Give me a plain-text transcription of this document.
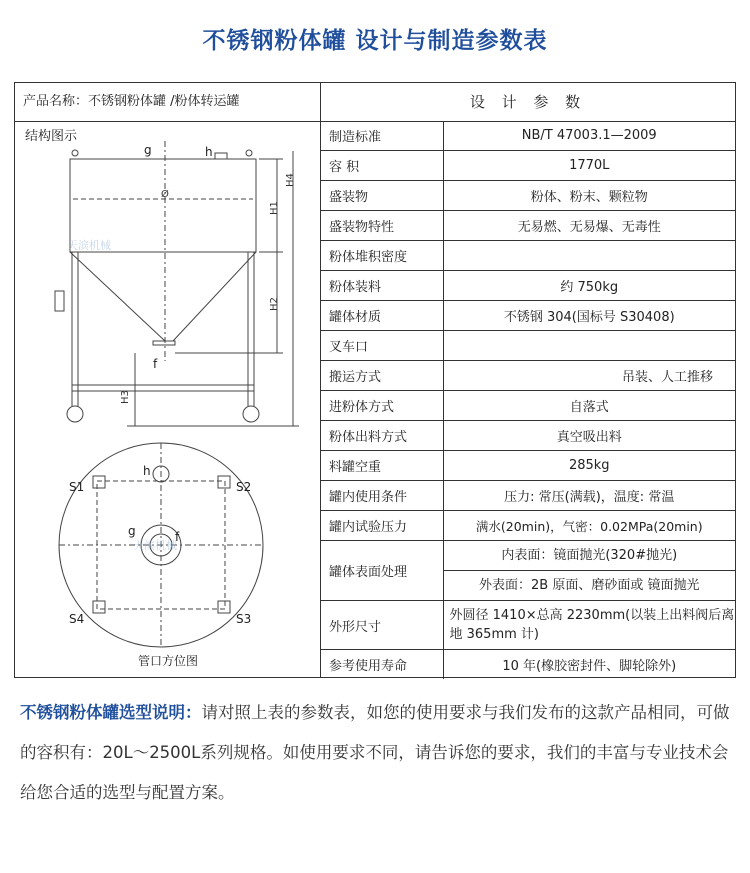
不锈钢粉体罐 设计与制造参数表
产品名称：不锈钢粉体罐 /粉体转运罐	设 计 参 数
天滨机械
天滨机械
g	h
f
Ø
H1
H2
H4
H3
h
g	f
S1	S2
S3
S4
结构图示
管口方位图
制造标准	NB/T 47003.1—2009
容 积	1770L
盛装物	粉体、粉末、颗粒物
盛装物特性	无易燃、无易爆、无毒性
粉体堆积密度	
粉体装料	约 750kg
罐体材质	不锈钢 304(国标号 S30408)
叉车口	
搬运方式	吊装、人工推移
进粉体方式	自落式
粉体出料方式	真空吸出料
料罐空重	285kg
罐内使用条件	压力: 常压(满载)，温度: 常温
罐内试验压力	满水(20min)，气密：0.02MPa(20min)
罐体表面处理	内表面：镜面抛光(320#抛光)
外表面：2B 原面、磨砂面或 镜面抛光

外形尺寸	外圆径 1410×总高 2230mm(以装上出料阀后离地 365mm 计)
参考使用寿命	10 年(橡胶密封件、脚轮除外)
不锈钢粉体罐选型说明：请对照上表的参数表，如您的使用要求与我们发布的这款产品相同，可做的容积有：20L～2500L系列规格。如使用要求不同，请告诉您的要求，我们的丰富与专业技术会给您合适的选型与配置方案。
